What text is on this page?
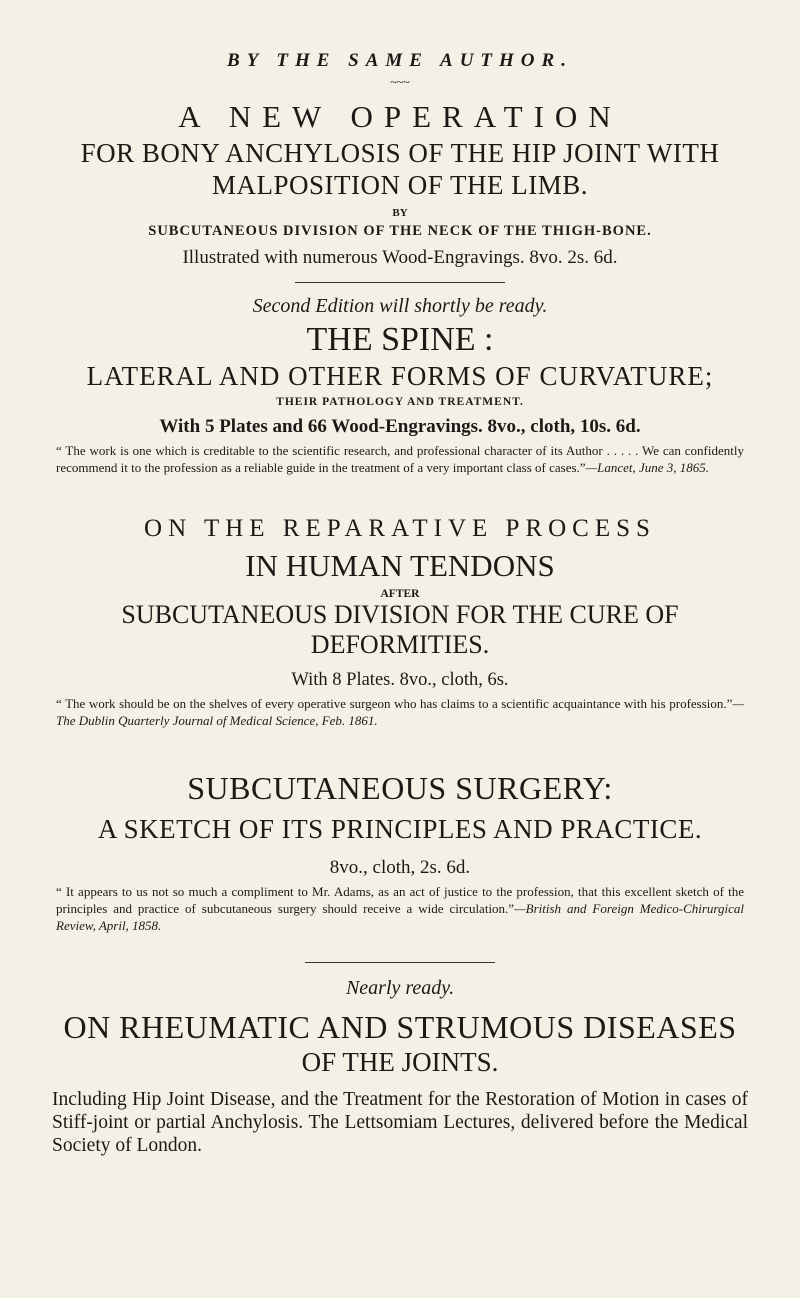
BY THE SAME AUTHOR.

~~~

A NEW OPERATION

FOR BONY ANCHYLOSIS OF THE HIP JOINT WITH MALPOSITION OF THE LIMB.

BY

SUBCUTANEOUS DIVISION OF THE NECK OF THE THIGH-BONE.

Illustrated with numerous Wood-Engravings. 8vo. 2s. 6d.

Second Edition will shortly be ready.

THE SPINE :

LATERAL AND OTHER FORMS OF CURVATURE;

THEIR PATHOLOGY AND TREATMENT.

With 5 Plates and 66 Wood-Engravings. 8vo., cloth, 10s. 6d.

“ The work is one which is creditable to the scientific research, and professional character of its Author . . . . . We can confidently recommend it to the profession as a reliable guide in the treatment of a very important class of cases.”—Lancet, June 3, 1865.

ON THE REPARATIVE PROCESS

IN HUMAN TENDONS

AFTER

SUBCUTANEOUS DIVISION FOR THE CURE OF DEFORMITIES.

With 8 Plates. 8vo., cloth, 6s.

“ The work should be on the shelves of every operative surgeon who has claims to a scientific acquaintance with his profession.”—The Dublin Quarterly Journal of Medical Science, Feb. 1861.

SUBCUTANEOUS SURGERY:

A SKETCH OF ITS PRINCIPLES AND PRACTICE.

8vo., cloth, 2s. 6d.

“ It appears to us not so much a compliment to Mr. Adams, as an act of justice to the profession, that this excellent sketch of the principles and practice of subcutaneous surgery should receive a wide circulation.”—British and Foreign Medico-Chirurgical Review, April, 1858.

Nearly ready.

ON RHEUMATIC AND STRUMOUS DISEASES

OF THE JOINTS.

Including Hip Joint Disease, and the Treatment for the Restoration of Motion in cases of Stiff-joint or partial Anchylosis. The Lettsomiam Lectures, delivered before the Medical Society of London.
